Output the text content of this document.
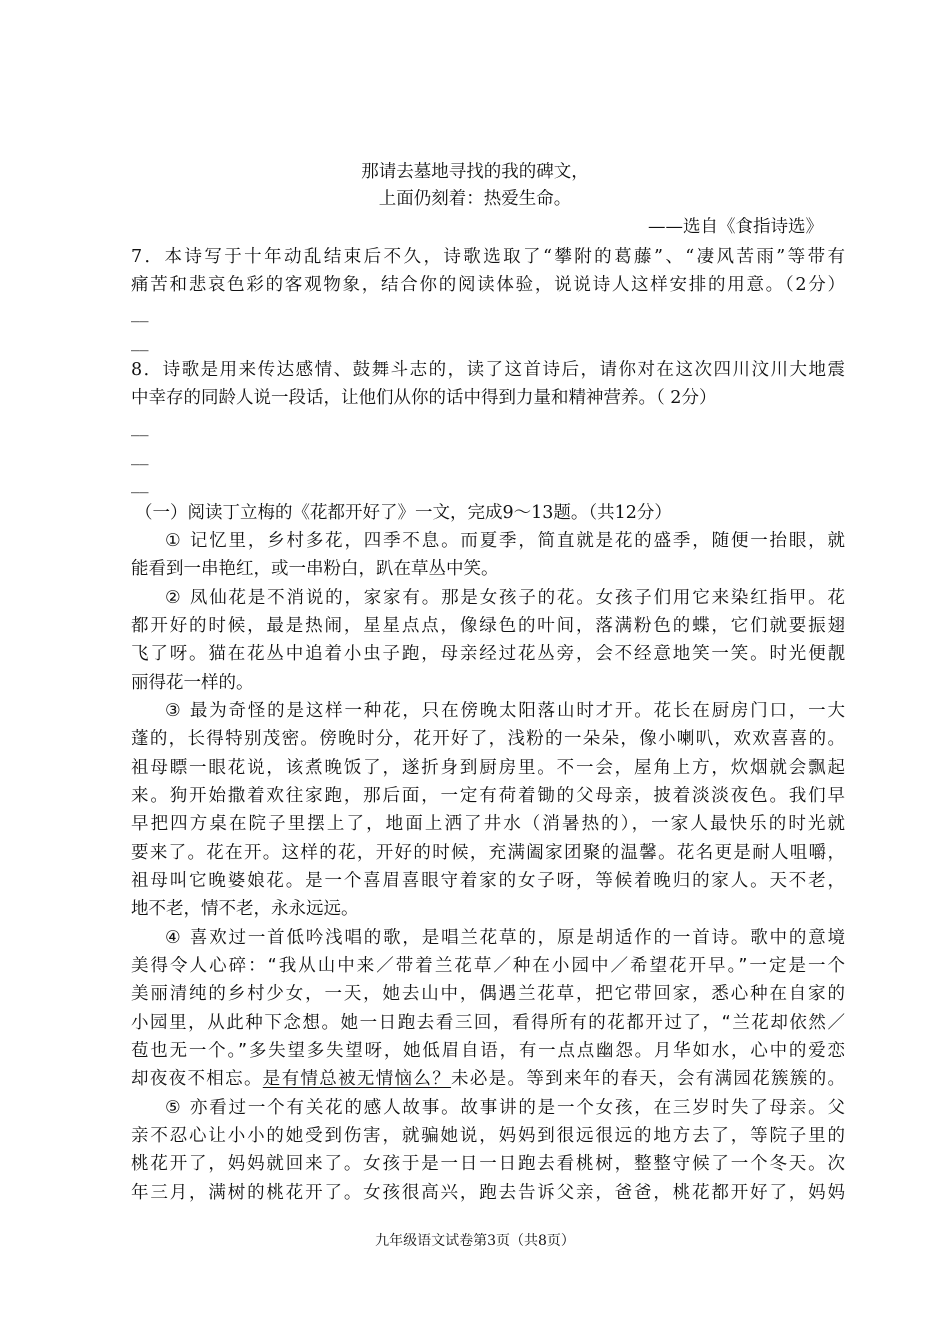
那请去墓地寻找的我的碑文，
上面仍刻着：热爱生命。
——选自《食指诗选》
7．本诗写于十年动乱结束后不久，诗歌选取了“攀附的葛藤”、“凄风苦雨”等带有
痛苦和悲哀色彩的客观物象，结合你的阅读体验，说说诗人这样安排的用意。（2分）
__
__
8．诗歌是用来传达感情、鼓舞斗志的，读了这首诗后，请你对在这次四川汶川大地震
中幸存的同龄人说一段话，让他们从你的话中得到力量和精神营养。（ 2分）
__
__
__
（一）阅读丁立梅的《花都开好了》一文，完成9～13题。（共12分）
① 记忆里，乡村多花，四季不息。而夏季，简直就是花的盛季，随便一抬眼，就
能看到一串艳红，或一串粉白，趴在草丛中笑。
② 凤仙花是不消说的，家家有。那是女孩子的花。女孩子们用它来染红指甲。花
都开好的时候，最是热闹，星星点点，像绿色的叶间，落满粉色的蝶，它们就要振翅
飞了呀。猫在花丛中追着小虫子跑，母亲经过花丛旁，会不经意地笑一笑。时光便靓
丽得花一样的。
③ 最为奇怪的是这样一种花，只在傍晚太阳落山时才开。花长在厨房门口，一大
蓬的，长得特别茂密。傍晚时分，花开好了，浅粉的一朵朵，像小喇叭，欢欢喜喜的。
祖母瞟一眼花说，该煮晚饭了，遂折身到厨房里。不一会，屋角上方，炊烟就会飘起
来。狗开始撒着欢往家跑，那后面，一定有荷着锄的父母亲，披着淡淡夜色。我们早
早把四方桌在院子里摆上了，地面上洒了井水（消暑热的），一家人最快乐的时光就
要来了。花在开。这样的花，开好的时候，充满阖家团聚的温馨。花名更是耐人咀嚼，
祖母叫它晚婆娘花。是一个喜眉喜眼守着家的女子呀，等候着晚归的家人。天不老，
地不老，情不老，永永远远。
④ 喜欢过一首低吟浅唱的歌，是唱兰花草的，原是胡适作的一首诗。歌中的意境
美得令人心碎：“我从山中来／带着兰花草／种在小园中／希望花开早。”一定是一个
美丽清纯的乡村少女，一天，她去山中，偶遇兰花草，把它带回家，悉心种在自家的
小园里，从此种下念想。她一日跑去看三回，看得所有的花都开过了，“兰花却依然／
苞也无一个。”多失望多失望呀，她低眉自语，有一点点幽怨。月华如水，心中的爱恋
却夜夜不相忘。是有情总被无情恼么？未必是。等到来年的春天，会有满园花簇簇的。
⑤ 亦看过一个有关花的感人故事。故事讲的是一个女孩，在三岁时失了母亲。父
亲不忍心让小小的她受到伤害，就骗她说，妈妈到很远很远的地方去了，等院子里的
桃花开了，妈妈就回来了。女孩于是一日一日跑去看桃树，整整守候了一个冬天。次
年三月，满树的桃花开了。女孩很高兴，跑去告诉父亲，爸爸，桃花都开好了，妈妈
九年级语文试卷第3页（共8页）
